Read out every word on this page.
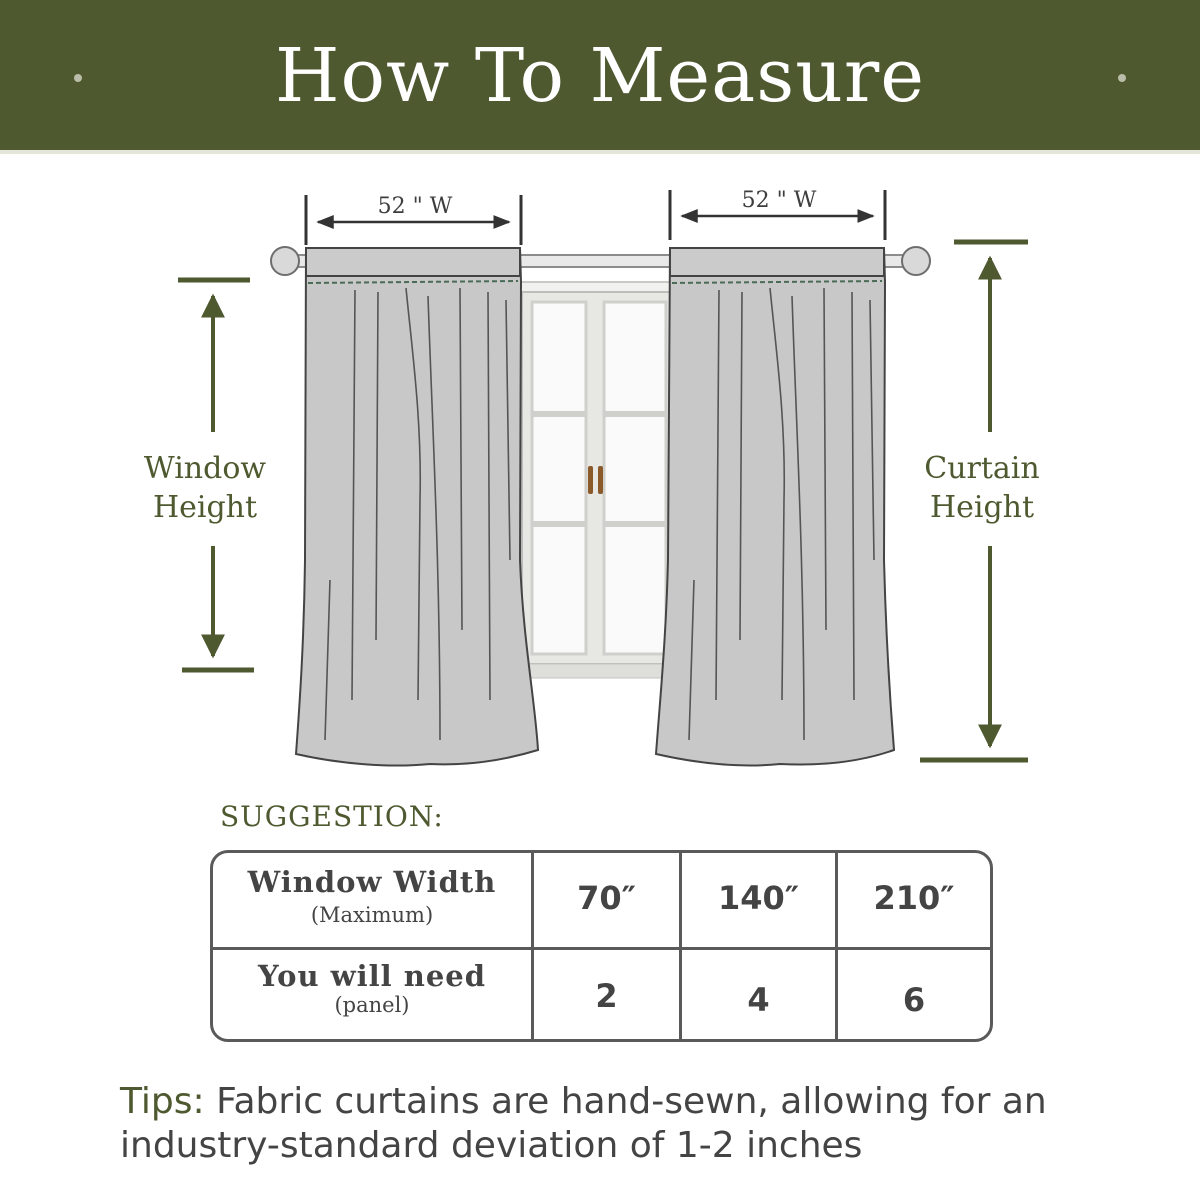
How To Measure
52 " W	52 " W
Window
Height
Curtain
Height
SUGGESTION:
Window Width
(Maximum)	70″	140″	210″
You will need
(panel)	2	4	6
Tips: Fabric curtains are hand-sewn, allowing for an industry-standard deviation of 1-2 inches
